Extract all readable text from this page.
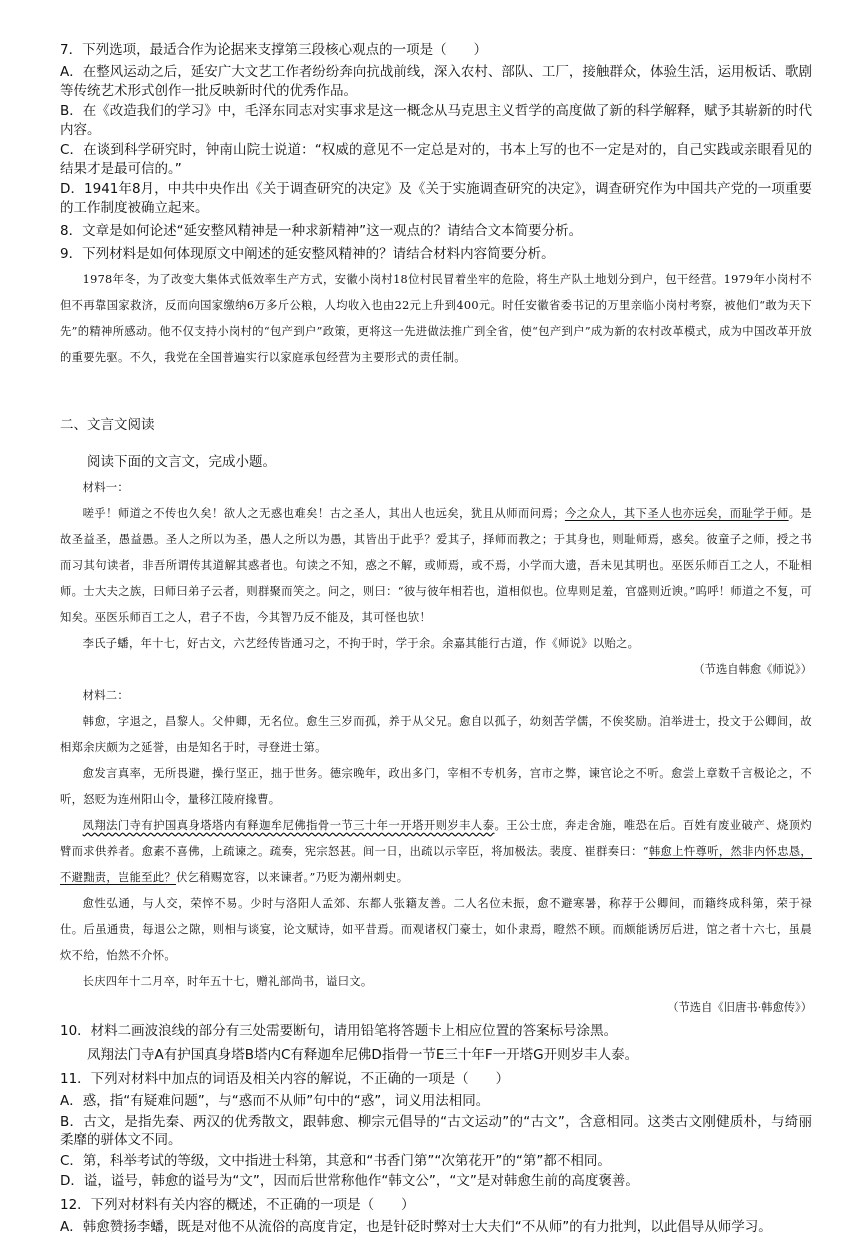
7．下列选项，最适合作为论据来支撑第三段核心观点的一项是（　　）

A．在整风运动之后，延安广大文艺工作者纷纷奔向抗战前线，深入农村、部队、工厂，接触群众，体验生活，运用板话、歌剧等传统艺术形式创作一批反映新时代的优秀作品。

B．在《改造我们的学习》中，毛泽东同志对实事求是这一概念从马克思主义哲学的高度做了新的科学解释，赋予其崭新的时代内容。

C．在谈到科学研究时，钟南山院士说道：“权威的意见不一定总是对的，书本上写的也不一定是对的，自己实践或亲眼看见的结果才是最可信的。”

D．1941年8月，中共中央作出《关于调查研究的决定》及《关于实施调查研究的决定》，调查研究作为中国共产党的一项重要的工作制度被确立起来。

8．文章是如何论述“延安整风精神是一种求新精神”这一观点的？请结合文本简要分析。

9．下列材料是如何体现原文中阐述的延安整风精神的？请结合材料内容简要分析。

1978年冬，为了改变大集体式低效率生产方式，安徽小岗村18位村民冒着坐牢的危险，将生产队土地划分到户，包干经营。1979年小岗村不但不再靠国家救济，反而向国家缴纳6万多斤公粮，人均收入也由22元上升到400元。时任安徽省委书记的万里亲临小岗村考察，被他们“敢为天下先”的精神所感动。他不仅支持小岗村的“包产到户”政策，更将这一先进做法推广到全省，使“包产到户”成为新的农村改革模式，成为中国改革开放的重要先驱。不久，我党在全国普遍实行以家庭承包经营为主要形式的责任制。

二、文言文阅读

阅读下面的文言文，完成小题。

材料一：

嗟乎！师道之不传也久矣！欲人之无惑也难矣！古之圣人，其出人也远矣，犹且从师而问焉；今之众人，其下圣人也亦远矣，而耻学于师。是故圣益圣，愚益愚。圣人之所以为圣，愚人之所以为愚，其皆出于此乎？爱其子，择师而教之；于其身也，则耻师焉，惑矣。彼童子之师，授之书而习其句读者，非吾所谓传其道解其惑者也。句读之不知，惑之不解，或师焉，或不焉，小学而大遗，吾未见其明也。巫医乐师百工之人，不耻相师。士大夫之族，曰师曰弟子云者，则群聚而笑之。问之，则曰：“彼与彼年相若也，道相似也。位卑则足羞，官盛则近谀。”呜呼！师道之不复，可知矣。巫医乐师百工之人，君子不齿，今其智乃反不能及，其可怪也欤！

李氏子蟠，年十七，好古文，六艺经传皆通习之，不拘于时，学于余。余嘉其能行古道，作《师说》以贻之。

（节选自韩愈《师说》）

材料二：

韩愈，字退之，昌黎人。父仲卿，无名位。愈生三岁而孤，养于从父兄。愈自以孤子，幼刻苦学儒，不俟奖励。洎举进士，投文于公卿间，故相郑余庆颇为之延誉，由是知名于时，寻登进士第。

愈发言真率，无所畏避，操行坚正，拙于世务。德宗晚年，政出多门，宰相不专机务，宫市之弊，谏官论之不听。愈尝上章数千言极论之，不听，怒贬为连州阳山令，量移江陵府掾曹。

凤翔法门寺有护国真身塔塔内有释迦牟尼佛指骨一节三十年一开塔开则岁丰人泰。王公士庶，奔走舍施，唯恐在后。百姓有废业破产、烧顶灼臂而求供养者。愈素不喜佛，上疏谏之。疏奏，宪宗怒甚。间一日，出疏以示宰臣，将加极法。裴度、崔群奏曰：“韩愈上忤尊听，然非内怀忠恳，不避黜责，岂能至此？伏乞稍赐宽容，以来谏者。”乃贬为潮州刺史。

愈性弘通，与人交，荣悴不易。少时与洛阳人孟郊、东都人张籍友善。二人名位未振，愈不避寒暑，称荐于公卿间，而籍终成科第，荣于禄仕。后虽通贵，每退公之隙，则相与谈宴，论文赋诗，如平昔焉。而观诸权门豪士，如仆隶焉，瞪然不顾。而颇能诱厉后进，馆之者十六七，虽晨炊不给，怡然不介怀。

长庆四年十二月卒，时年五十七，赠礼部尚书，谥曰文。

（节选自《旧唐书·韩愈传》）

10．材料二画波浪线的部分有三处需要断句，请用铅笔将答题卡上相应位置的答案标号涂黑。

凤翔法门寺A有护国真身塔B塔内C有释迦牟尼佛D指骨一节E三十年F一开塔G开则岁丰人泰。

11．下列对材料中加点的词语及相关内容的解说，不正确的一项是（　　）

A．惑，指“有疑难问题”，与“惑而不从师”句中的“惑”，词义用法相同。

B．古文，是指先秦、两汉的优秀散文，跟韩愈、柳宗元倡导的“古文运动”的“古文”，含意相同。这类古文刚健质朴，与绮丽柔靡的骈体文不同。

C．第，科举考试的等级，文中指进士科第，其意和“书香门第”“次第花开”的“第”都不相同。

D．谥，谥号，韩愈的谥号为“文”，因而后世常称他作“韩文公”，“文”是对韩愈生前的高度褒善。

12．下列对材料有关内容的概述，不正确的一项是（　　）

A．韩愈赞扬李蟠，既是对他不从流俗的高度肯定，也是针砭时弊对士大夫们“不从师”的有力批判，以此倡导从师学习。
